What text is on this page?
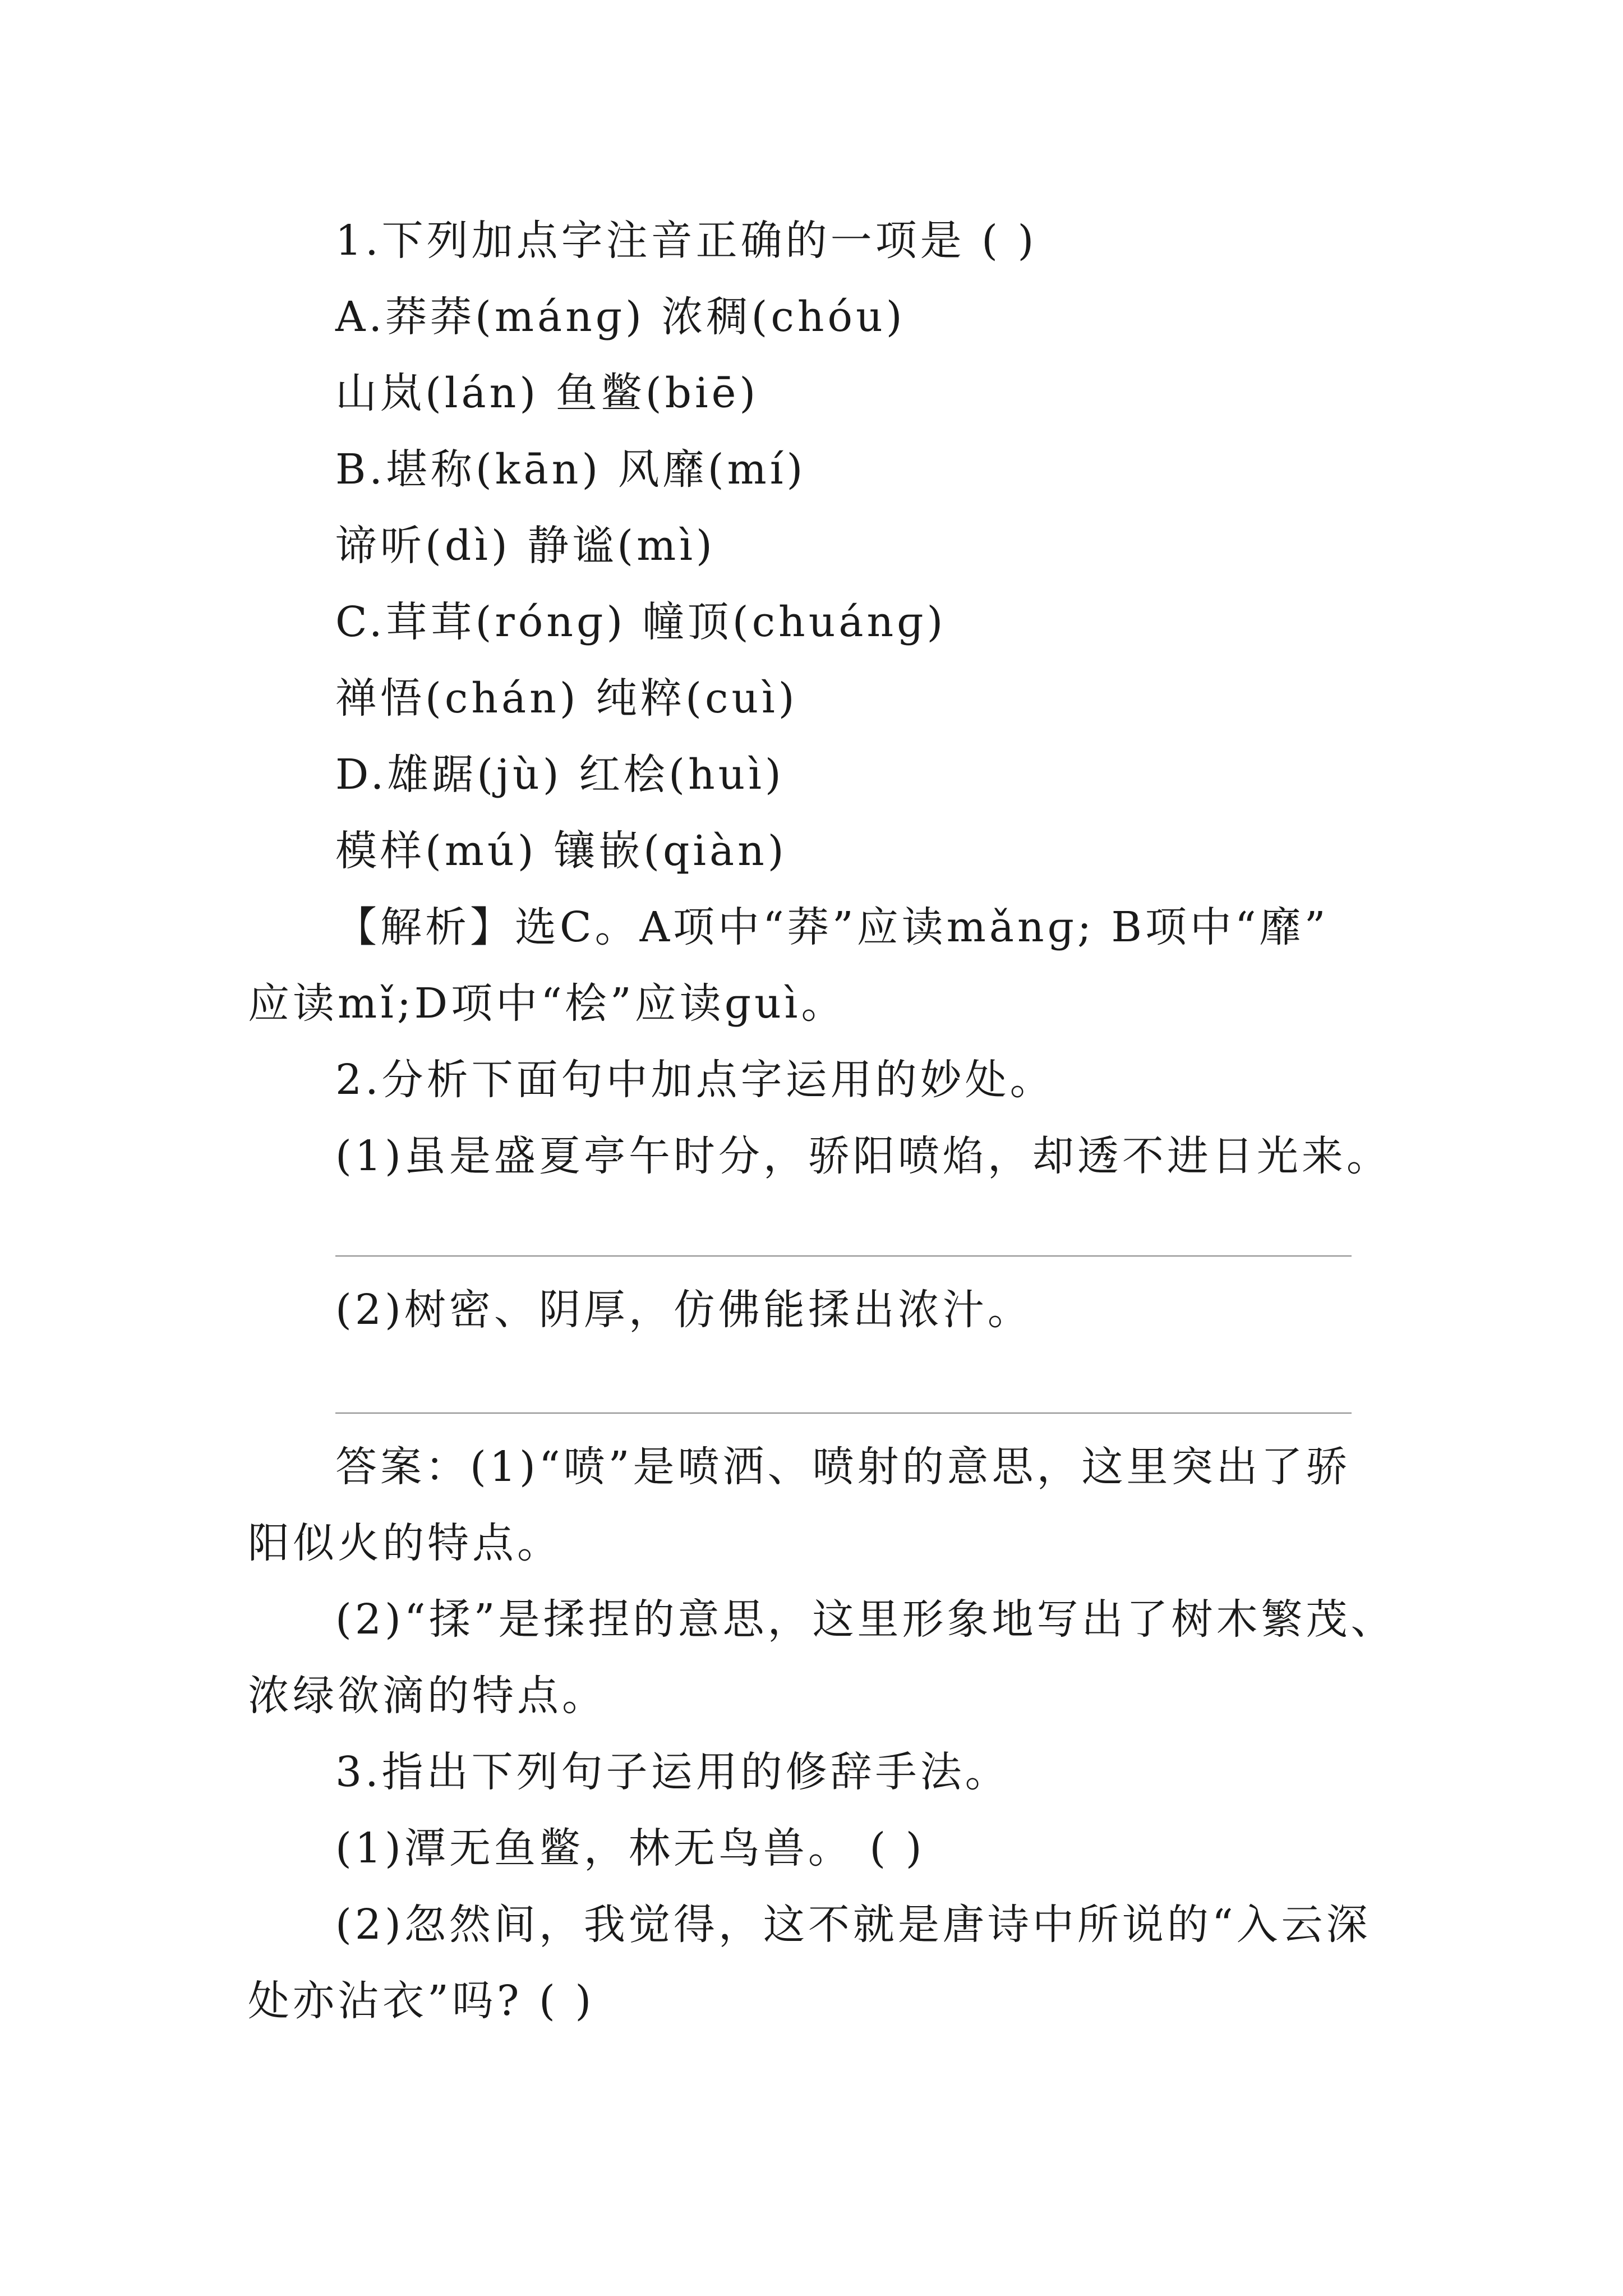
1.下列加点字注音正确的一项是 ( )
A.莽莽(mánɡ) 浓稠(chóu)
山岚(lán) 鱼鳖(biē)
B.堪称(kān) 风靡(mí)
谛听(dì) 静谧(mì)
C.茸茸(rónɡ) 幢顶(chuánɡ)
禅悟(chán) 纯粹(cuì)
D.雄踞(jù) 红桧(huì)
模样(mú) 镶嵌(qiàn)
【解析】选C。A项中“莽”应读mǎnɡ; B项中“靡”
应读mǐ;D项中“桧”应读ɡuì。
2.分析下面句中加点字运用的妙处。
(1)虽是盛夏亭午时分，骄阳喷焰，却透不进日光来。
(2)树密、阴厚，仿佛能揉出浓汁。
答案：(1)“喷”是喷洒、喷射的意思，这里突出了骄
阳似火的特点。
(2)“揉”是揉捏的意思，这里形象地写出了树木繁茂、
浓绿欲滴的特点。
3.指出下列句子运用的修辞手法。
(1)潭无鱼鳖，林无鸟兽。 ( )
(2)忽然间，我觉得，这不就是唐诗中所说的“入云深
处亦沾衣”吗? ( )
